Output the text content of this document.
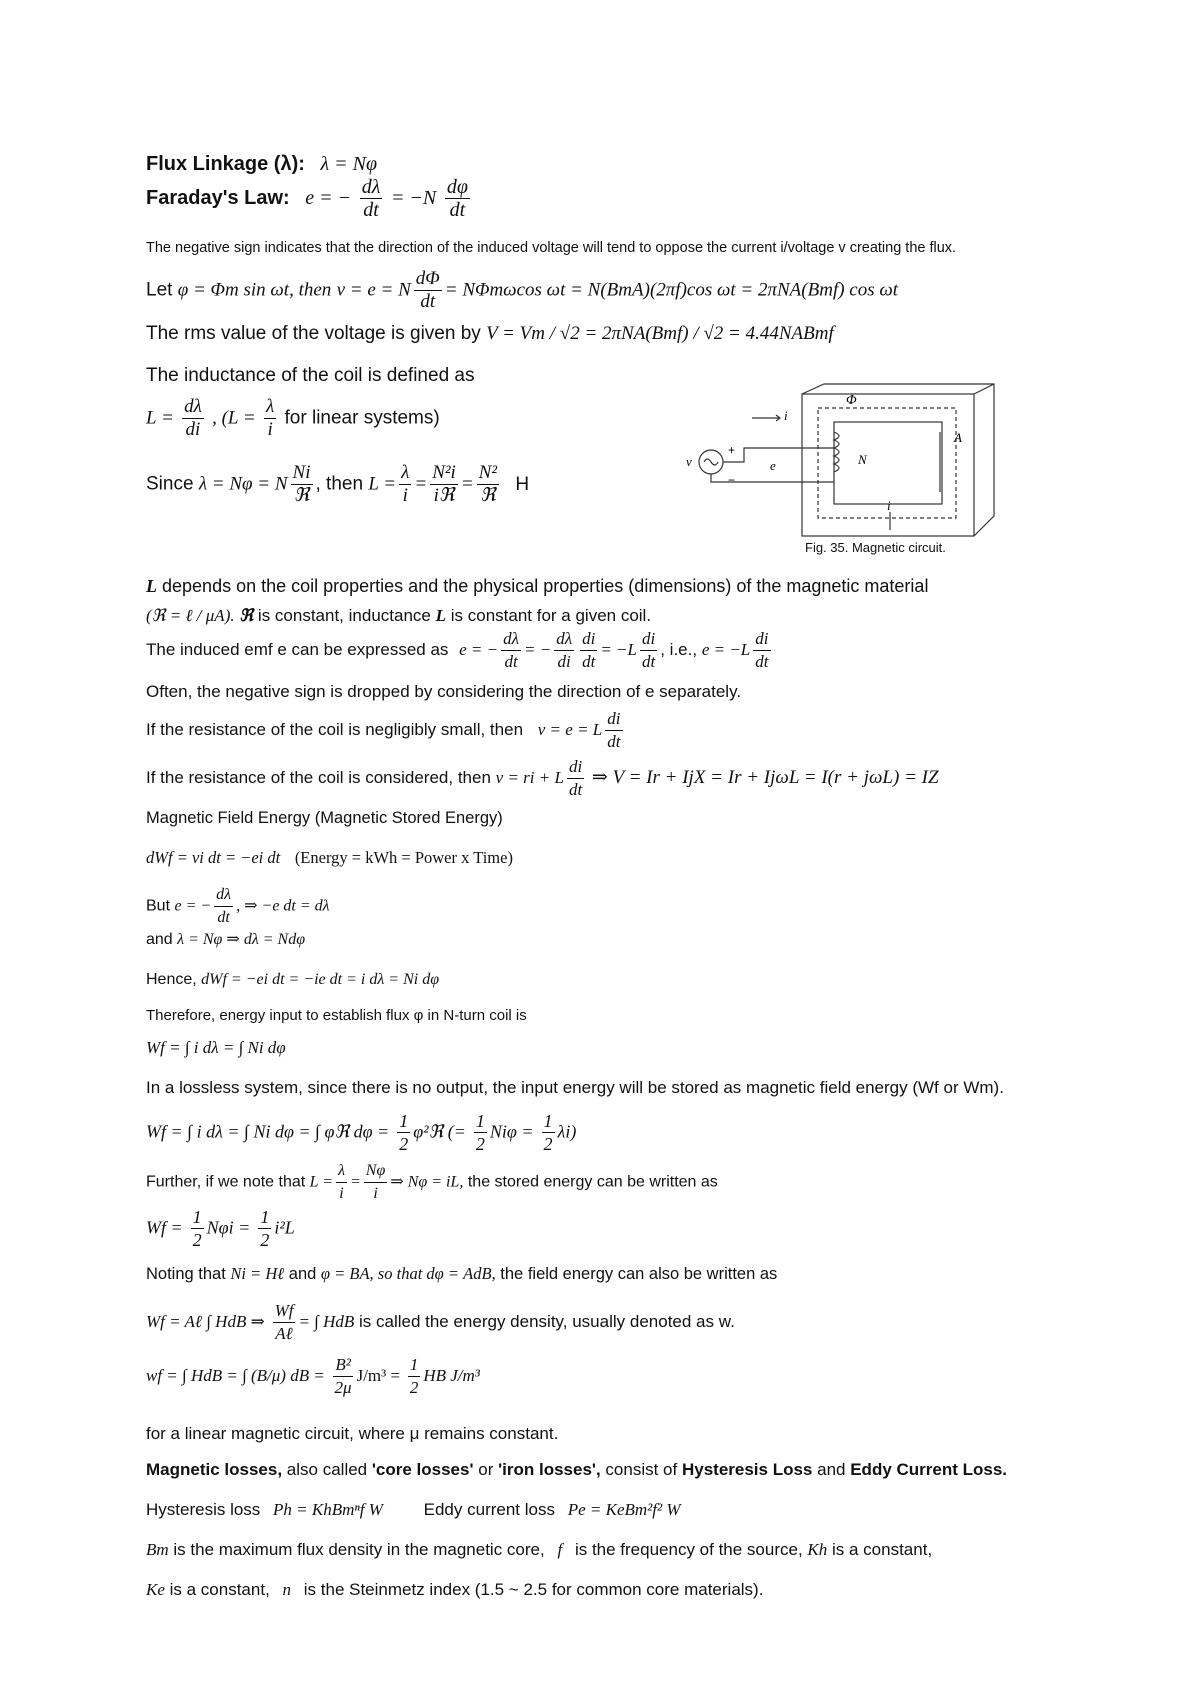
Flux Linkage (λ): λ = Nφ
Faraday's Law: e = − $\frac{d\lambda}{dt} = -N \frac{d\varphi}{dt}$
The negative sign indicates that the direction of the induced voltage will tend to oppose the current i/voltage v creating the flux.
Let φ = Φm sin ωt, then v = e = N $\frac{d\Phi}{dt} = N\Phi m\omega\cos$ ωt = N(BmA)(2πf)cos ωt = 2πNA(Bmf) cos ωt
The rms value of the voltage is given by V = Vm / √2 = 2πNA(Bmf) / √2 = 4.44NABmf
The inductance of the coil is defined as
$L = \frac{d\lambda}{di}$ , ($L = \frac{\lambda}{i}$ for linear systems)
Since λ = Nφ = N
Ni
ℜ
, then $L = \frac{\lambda}{i}$ =
N²i
iℜ
=
N²
ℜ
H
Φ
i
N
A
e
v
+
−
i
Fig. 35. Magnetic circuit.
L depends on the coil properties and the physical properties (dimensions) of the magnetic material
(ℜ = ℓ / μA). ℜ is constant, inductance L is constant for a given coil.
The induced emf e can be expressed as e = − $\frac{d\lambda}{dt}$ = − $\frac{d\lambda}{di} \frac{di}{dt} = -L \frac{di}{dt}$ , i.e., $e = -L \frac{di}{dt}$
Often, the negative sign is dropped by considering the direction of e separately.
If the resistance of the coil is negligibly small, then v = e = L $\frac{di}{dt}$
If the resistance of the coil is considered, then v = ri + L $\frac{di}{dt}$ ⇒ V = Ir + IjX = Ir + IjωL = I(r + jωL) = IZ
Magnetic Field Energy (Magnetic Stored Energy)
dWf = vi dt = −ei dt (Energy = kWh = Power x Time)
But e = − $\frac{d\lambda}{dt}$ , ⇒ −e dt = dλ
and λ = Nφ ⇒ dλ = Ndφ
Hence, dWf = −ei dt = −ie dt = i dλ = Ni dφ
Therefore, energy input to establish flux φ in N-turn coil is
Wf = ∫ i dλ = ∫ Ni dφ
In a lossless system, since there is no output, the input energy will be stored as magnetic field energy (Wf or Wm).
Wf = ∫ i dλ = ∫ Ni dφ = ∫ φℜ $d\varphi = \frac{1}{2}$ φ²ℜ (= $\frac{1}{2}$ $Ni\varphi = \frac{1}{2} \lambda i$)
Further, if we note that $L = \frac{\lambda}{i} = \frac{N\varphi}{i}$ ⇒ Nφ = iL, the stored energy can be written as
$Wf = \frac{1}{2}$ $N\varphi i = \frac{1}{2} i^2L$
Noting that Ni = Hℓ and φ = BA, so that dφ = AdB, the field energy can also be written as
Wf = Aℓ ∫ HdB ⇒
Wf
Aℓ
= ∫ HdB is called the energy density, usually denoted as w.
wf = ∫ HdB = ∫ (B/μ) dB = $\frac{\text{B²}}{2\mu} J/m^3 = \frac{1}{2}$ HB J/m³
for a linear magnetic circuit, where μ remains constant.
Magnetic losses, also called 'core losses' or 'iron losses', consist of Hysteresis Loss and Eddy Current Loss.
Hysteresis loss Ph = KhBmⁿf W Eddy current loss Pe = KeBm²f² W
Bm is the maximum flux density in the magnetic core, f is the frequency of the source, Kh is a constant,
Ke is a constant, n is the Steinmetz index (1.5 ~ 2.5 for common core materials).
